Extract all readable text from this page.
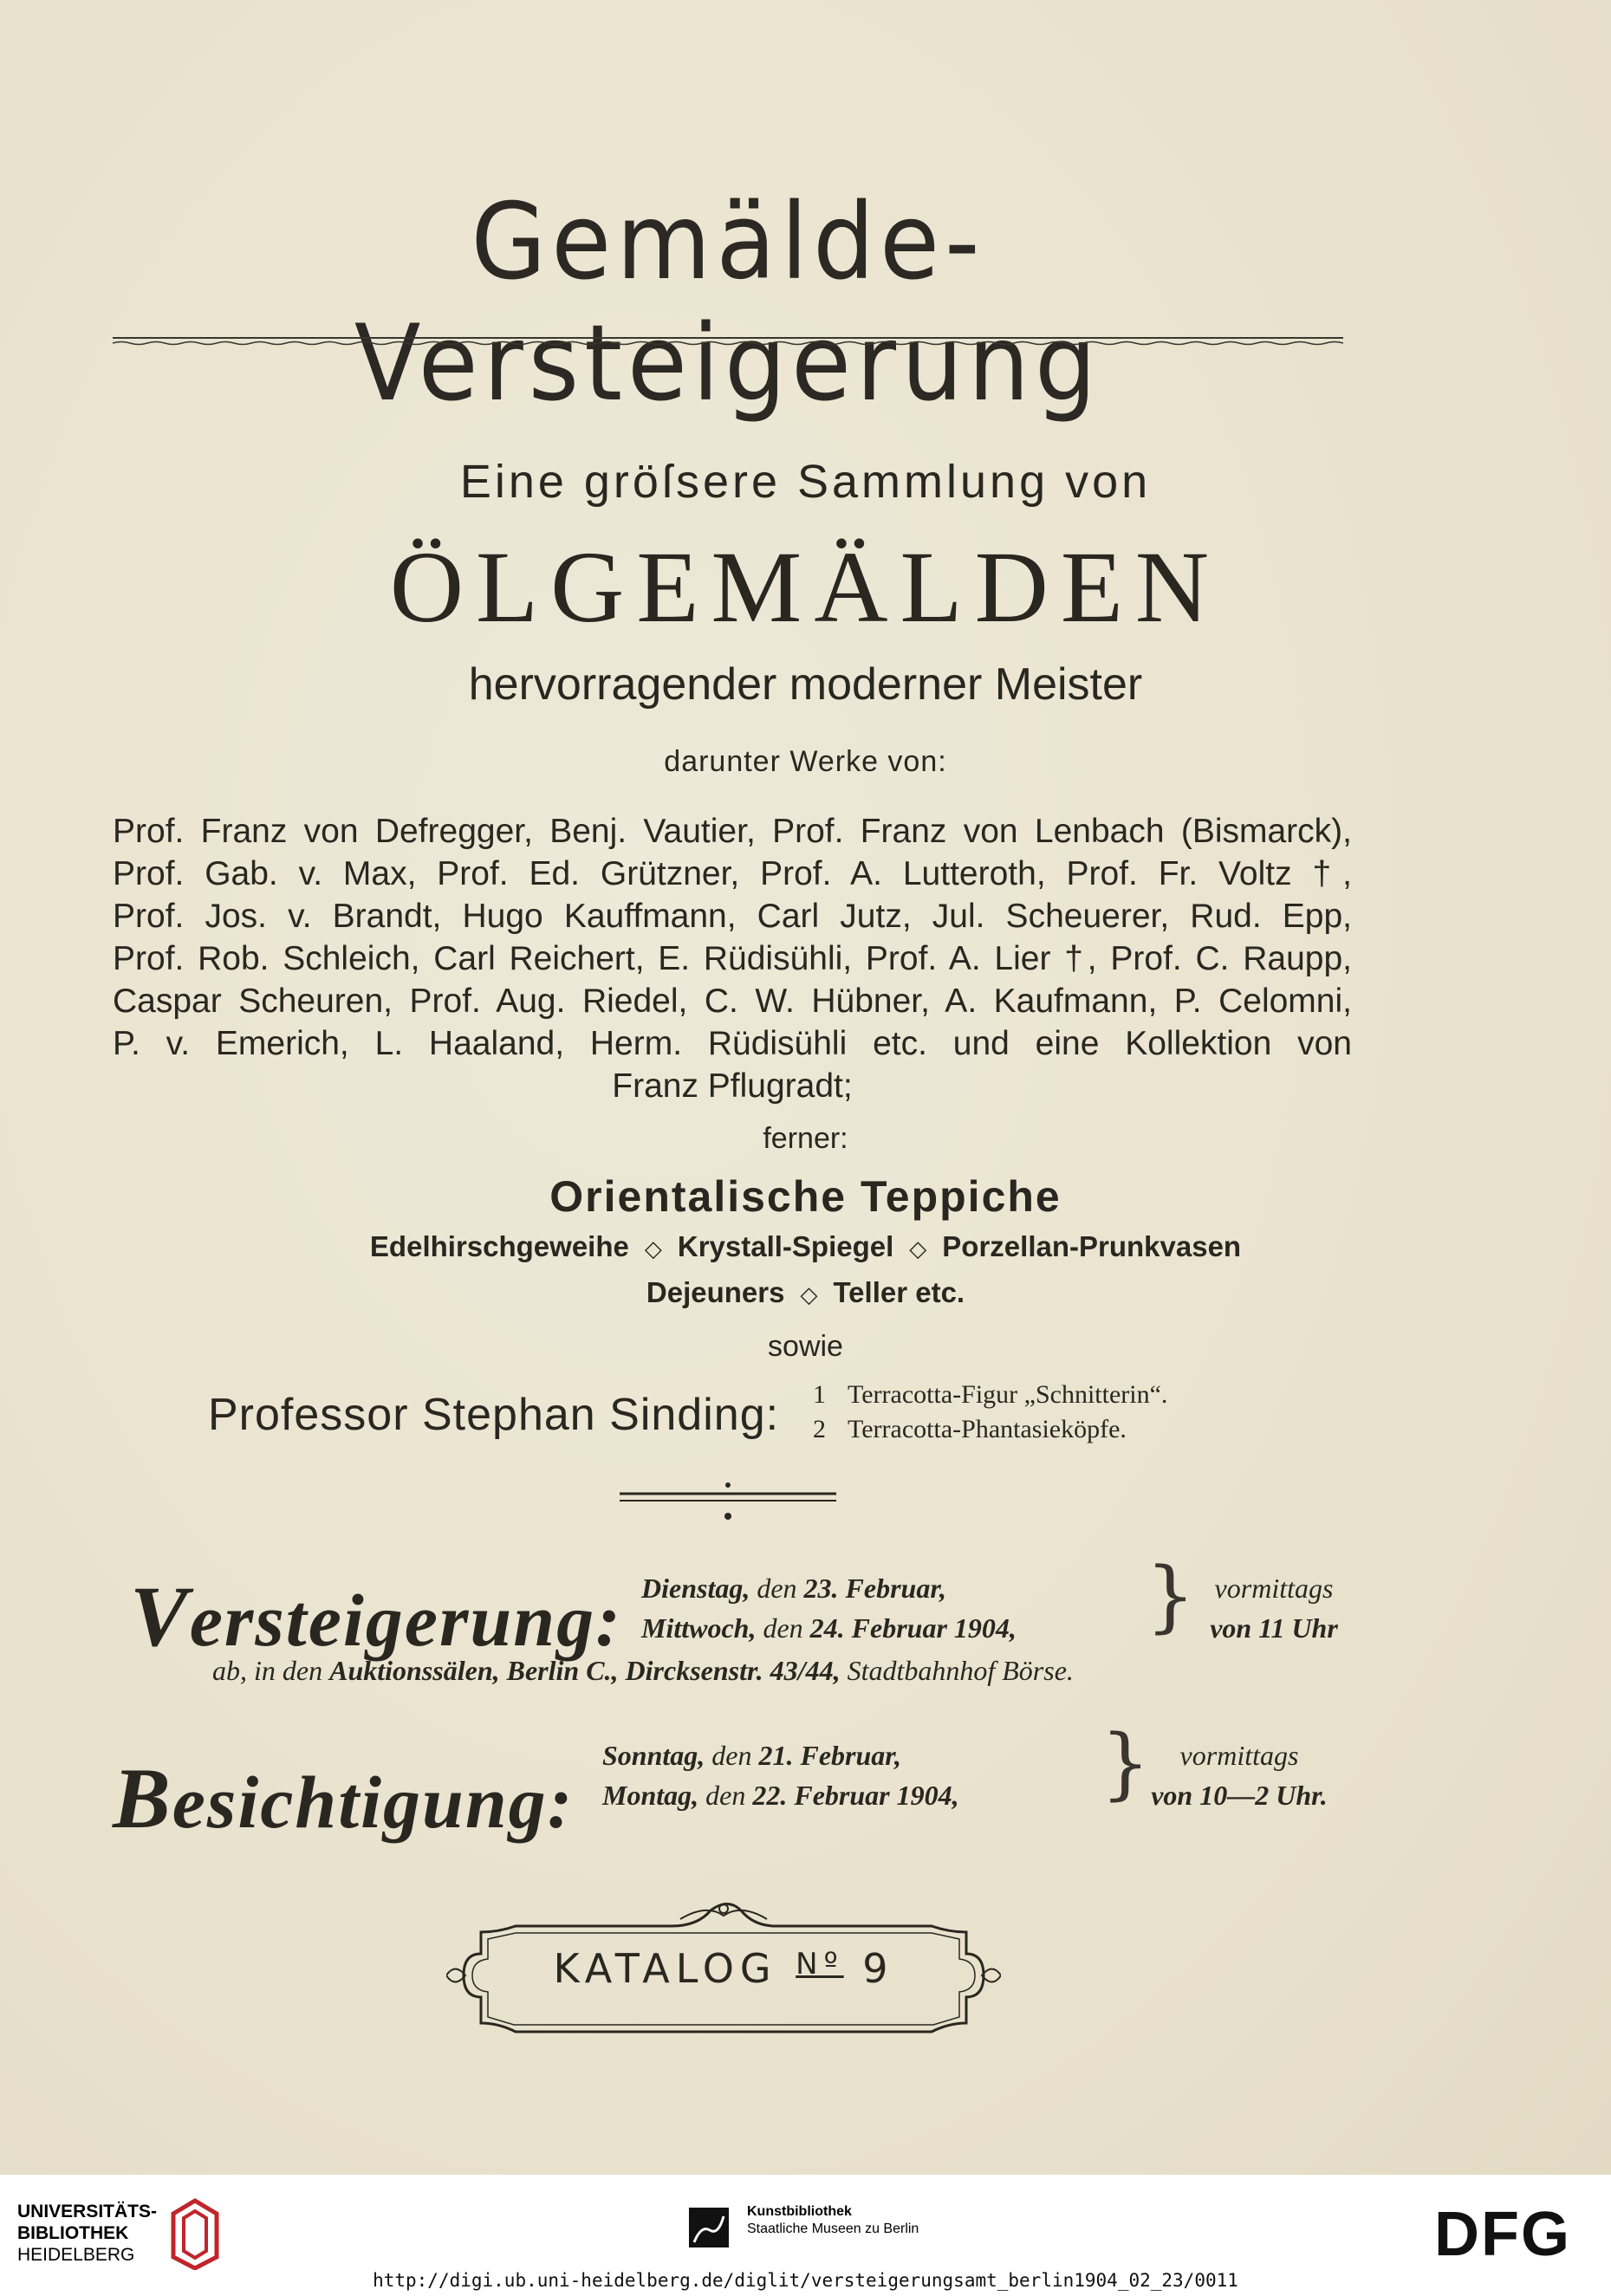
Gemälde-Versteigerung
Eine gröſsere Sammlung von
ÖLGEMÄLDEN
hervorragender moderner Meister
darunter Werke von:
Prof. Franz von Defregger, Benj. Vautier, Prof. Franz von Lenbach (Bismarck),
Prof. Gab. v. Max, Prof. Ed. Grützner, Prof. A. Lutteroth, Prof. Fr. Voltz †,
Prof. Jos. v. Brandt, Hugo Kauffmann, Carl Jutz, Jul. Scheuerer, Rud. Epp,
Prof. Rob. Schleich, Carl Reichert, E. Rüdisühli, Prof. A. Lier †, Prof. C. Raupp,
Caspar Scheuren, Prof. Aug. Riedel, C. W. Hübner, A. Kaufmann, P. Celomni,
P. v. Emerich, L. Haaland, Herm. Rüdisühli etc. und eine Kollektion von
Franz Pflugradt;
ferner:
Orientalische Teppiche
Edelhirschgeweihe ◇ Krystall-Spiegel ◇ Porzellan-Prunkvasen
Dejeuners ◇ Teller etc.
sowie
Professor Stephan Sinding: 1 Terracotta-Figur „Schnitterin“.
2 Terracotta-Phantasieköpfe.
Versteigerung: Dienstag, den 23. Februar,
Mittwoch, den 24. Februar 1904, } vormittags
von 11 Uhr
ab, in den Auktionssälen, Berlin C., Dircksenstr. 43/44, Stadtbahnhof Börse.
Besichtigung:
Sonntag, den 21. Februar,
Montag, den 22. Februar 1904, }	vormittags
von 10—2 Uhr.
KATALOG $^{Nº}$ 9
UNIVERSITÄTS-
BIBLIOTHEK
HEIDELBERG
Kunstbibliothek
Staatliche Museen zu Berlin	DFG
http://digi.ub.uni-heidelberg.de/diglit/versteigerungsamt_berlin1904_02_23/0011
